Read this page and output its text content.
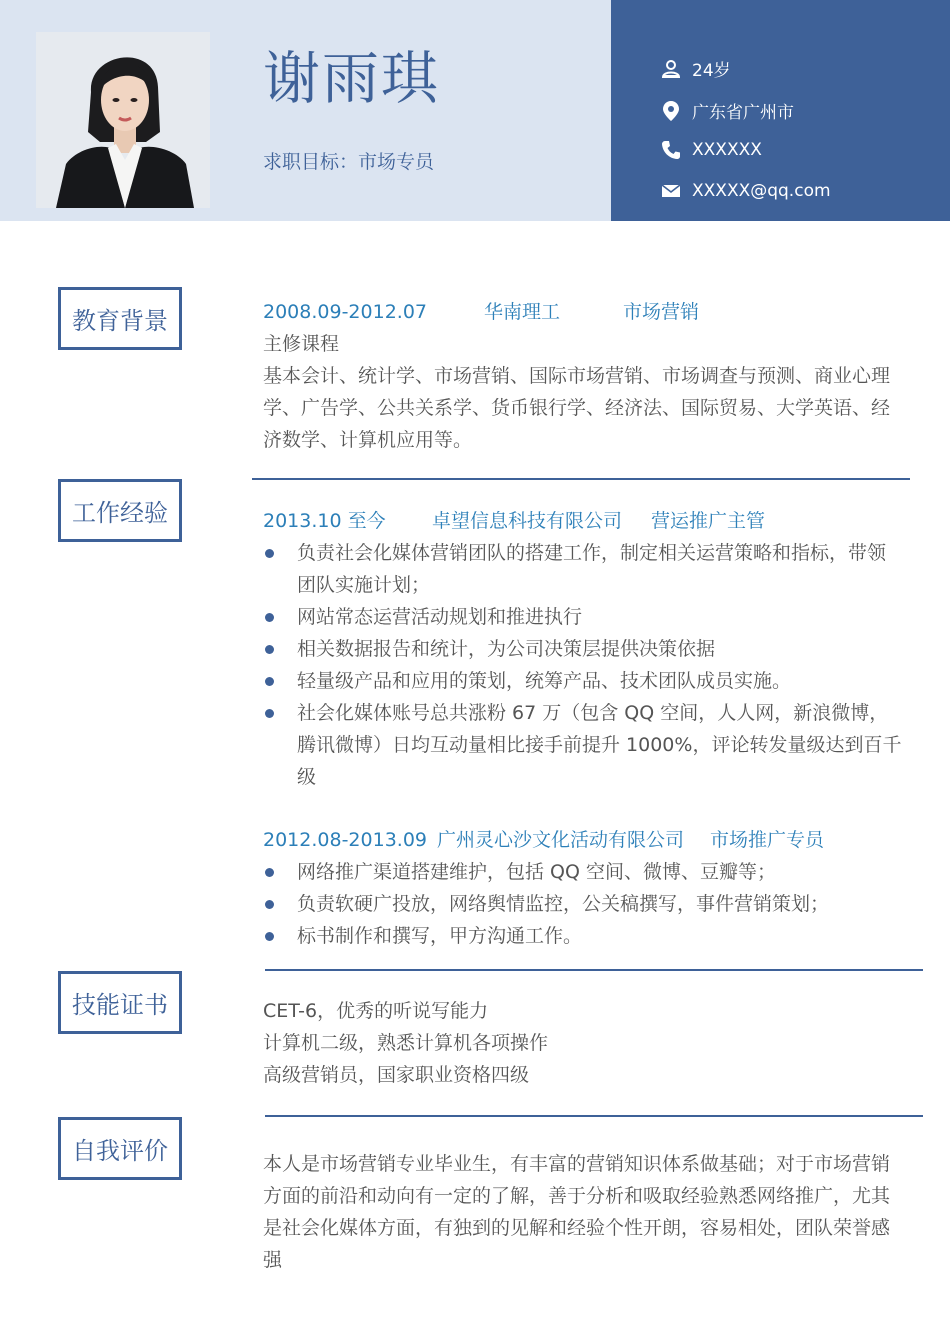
谢雨琪
求职目标：市场专员
24岁
广东省广州市
XXXXXX
XXXXX@qq.com
教育背景	2008.09-2012.07	华南理工	市场营销
主修课程
基本会计、统计学、市场营销、国际市场营销、市场调查与预测、商业心理
学、广告学、公共关系学、货币银行学、经济法、国际贸易、大学英语、经
济数学、计算机应用等。
工作经验	2013.10 至今 卓望信息科技有限公司 营运推广主管
负责社会化媒体营销团队的搭建工作，制定相关运营策略和指标，带领
团队实施计划；
网站常态运营活动规划和推进执行
相关数据报告和统计，为公司决策层提供决策依据
轻量级产品和应用的策划，统筹产品、技术团队成员实施。
社会化媒体账号总共涨粉 67 万（包含 QQ 空间，人人网，新浪微博，
腾讯微博）日均互动量相比接手前提升 1000%，评论转发量级达到百千
级
2012.08-2013.09 广州灵心沙文化活动有限公司 市场推广专员
网络推广渠道搭建维护，包括 QQ 空间、微博、豆瓣等；
负责软硬广投放，网络舆情监控，公关稿撰写，事件营销策划；
标书制作和撰写，甲方沟通工作。
技能证书	CET-6，优秀的听说写能力
计算机二级，熟悉计算机各项操作
高级营销员，国家职业资格四级
自我评价	本人是市场营销专业毕业生，有丰富的营销知识体系做基础；对于市场营销
方面的前沿和动向有一定的了解，善于分析和吸取经验熟悉网络推广，尤其
是社会化媒体方面，有独到的见解和经验个性开朗，容易相处，团队荣誉感
强
